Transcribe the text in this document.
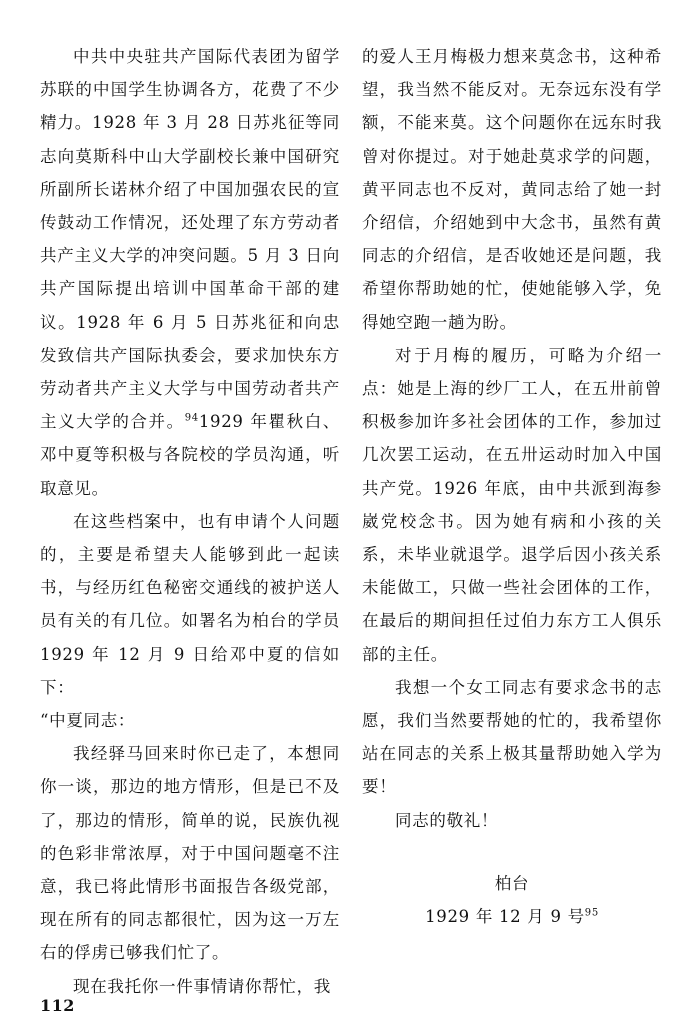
中共中央驻共产国际代表团为留学苏联的中国学生协调各方，花费了不少精力。1928 年 3 月 28 日苏兆征等同志向莫斯科中山大学副校长兼中国研究所副所长诺林介绍了中国加强农民的宣传鼓动工作情况，还处理了东方劳动者共产主义大学的冲突问题。5 月 3 日向共产国际提出培训中国革命干部的建议。1928 年 6 月 5 日苏兆征和向忠发致信共产国际执委会，要求加快东方劳动者共产主义大学与中国劳动者共产主义大学的合并。$^{94}$1929 年瞿秋白、邓中夏等积极与各院校的学员沟通，听取意见。

在这些档案中，也有申请个人问题的，主要是希望夫人能够到此一起读书，与经历红色秘密交通线的被护送人员有关的有几位。如署名为柏台的学员 1929 年 12 月 9 日给邓中夏的信如下：

“中夏同志：

我经驿马回来时你已走了，本想同你一谈，那边的地方情形，但是已不及了，那边的情形，简单的说，民族仇视的色彩非常浓厚，对于中国问题毫不注意，我已将此情形书面报告各级党部，现在所有的同志都很忙，因为这一万左右的俘虏已够我们忙了。

现在我托你一件事情请你帮忙，我

的爱人王月梅极力想来莫念书，这种希望，我当然不能反对。无奈远东没有学额，不能来莫。这个问题你在远东时我曾对你提过。对于她赴莫求学的问题，黄平同志也不反对，黄同志给了她一封介绍信，介绍她到中大念书，虽然有黄同志的介绍信，是否收她还是问题，我希望你帮助她的忙，使她能够入学，免得她空跑一趟为盼。

对于月梅的履历，可略为介绍一点：她是上海的纱厂工人，在五卅前曾积极参加许多社会团体的工作，参加过几次罢工运动，在五卅运动时加入中国共产党。1926 年底，由中共派到海参崴党校念书。因为她有病和小孩的关系，未毕业就退学。退学后因小孩关系未能做工，只做一些社会团体的工作，在最后的期间担任过伯力东方工人俱乐部的主任。

我想一个女工同志有要求念书的志愿，我们当然要帮她的忙的，我希望你站在同志的关系上极其量帮助她入学为要！

同志的敬礼！

柏台

1929 年 12 月 9 号$^{95}$

112
